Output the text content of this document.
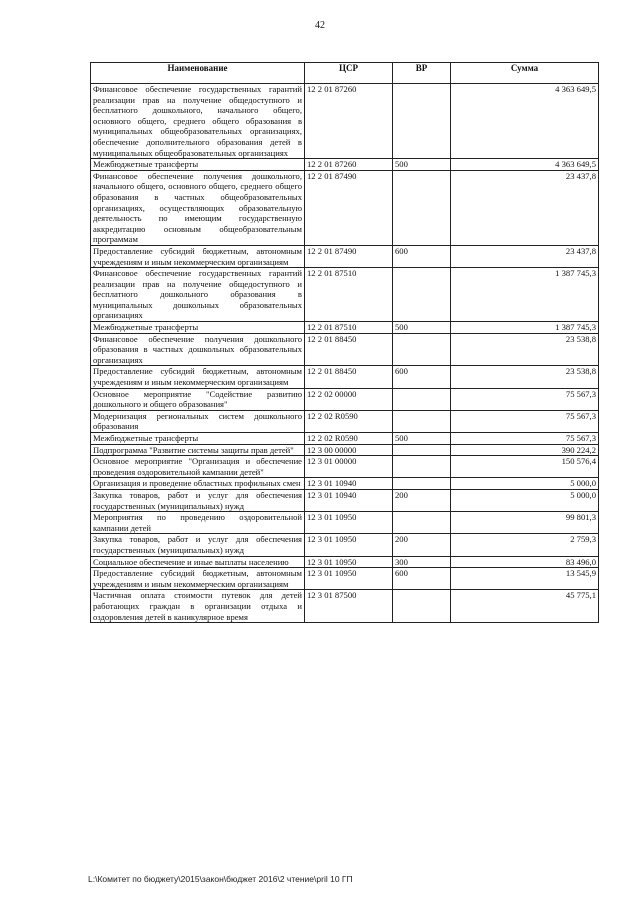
42
Наименование	ЦСР	ВР	Сумма
Финансовое обеспечение государственных гарантий реализации прав на получение общедоступного и бесплатного дошкольного, начального общего, основного общего, среднего общего образования в муниципальных общеобразовательных организациях, обеспечение дополнительного образования детей в муниципальных общеобразовательных организациях	12 2 01 87260		4 363 649,5
Межбюджетные трансферты	12 2 01 87260	500	4 363 649,5
Финансовое обеспечение получения дошкольного, начального общего, основного общего, среднего общего образования в частных общеобразовательных организациях, осуществляющих образовательную деятельность по имеющим государственную аккредитацию основным общеобразовательным программам	12 2 01 87490		23 437,8
Предоставление субсидий бюджетным, автономным учреждениям и иным некоммерческим организациям	12 2 01 87490	600	23 437,8
Финансовое обеспечение государственных гарантий реализации прав на получение общедоступного и бесплатного дошкольного образования в муниципальных дошкольных образовательных организациях	12 2 01 87510		1 387 745,3
Межбюджетные трансферты	12 2 01 87510	500	1 387 745,3
Финансовое обеспечение получения дошкольного образования в частных дошкольных образовательных организациях	12 2 01 88450		23 538,8
Предоставление субсидий бюджетным, автономным учреждениям и иным некоммерческим организациям	12 2 01 88450	600	23 538,8
Основное мероприятие "Содействие развитию дошкольного и общего образования"	12 2 02 00000		75 567,3
Модернизация региональных систем дошкольного образования	12 2 02 R0590		75 567,3
Межбюджетные трансферты	12 2 02 R0590	500	75 567,3
Подпрограмма "Развитие системы защиты прав детей"	12 3 00 00000		390 224,2
Основное мероприятие "Организация и обеспечение проведения оздоровительной кампании детей"	12 3 01 00000		150 576,4
Организация и проведение областных профильных смен	12 3 01 10940		5 000,0
Закупка товаров, работ и услуг для обеспечения государственных (муниципальных) нужд	12 3 01 10940	200	5 000,0
Мероприятия по проведению оздоровительной кампании детей	12 3 01 10950		99 801,3
Закупка товаров, работ и услуг для обеспечения государственных (муниципальных) нужд	12 3 01 10950	200	2 759,3
Социальное обеспечение и иные выплаты населению	12 3 01 10950	300	83 496,0
Предоставление субсидий бюджетным, автономным учреждениям и иным некоммерческим организациям	12 3 01 10950	600	13 545,9
Частичная оплата стоимости путевок для детей работающих граждан в организации отдыха и оздоровления детей в каникулярное время	12 3 01 87500		45 775,1
L:\Комитет по бюджету\2015\закон\бюджет 2016\2 чтение\pril 10 ГП
